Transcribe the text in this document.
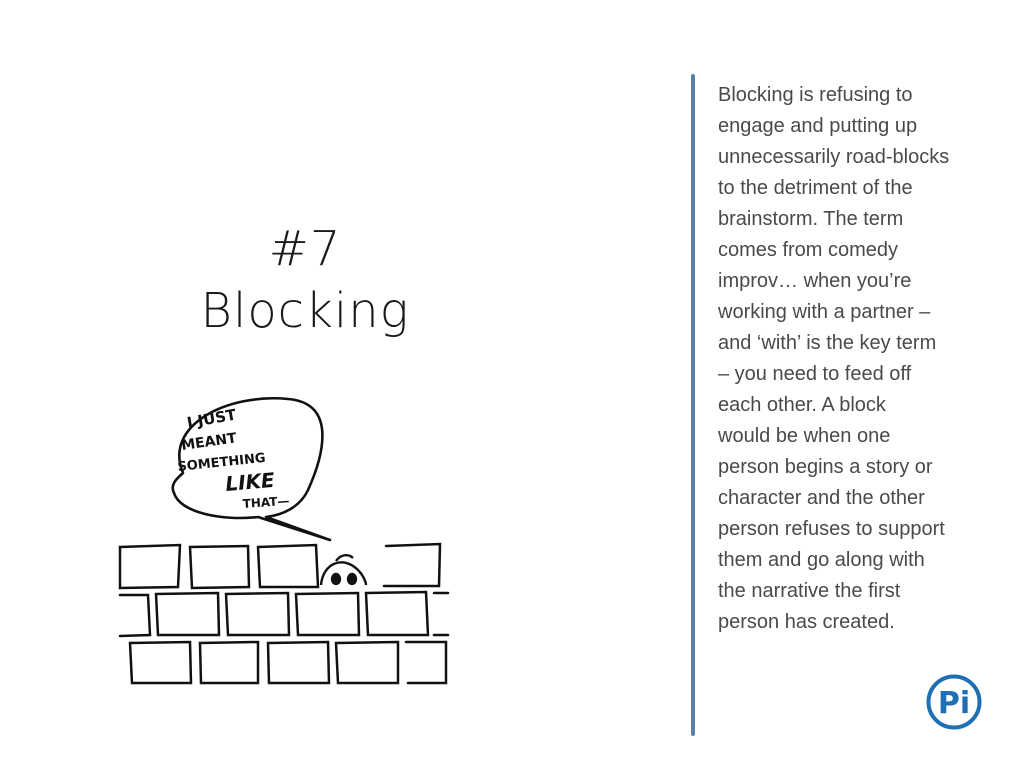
#7
Blocking
I JUST
MEANT
SOMETHING
LIKE
THAT—
Blocking is refusing to
engage and putting up
unnecessarily road-blocks
to the detriment of the
brainstorm. The term
comes from comedy
improv… when you’re
working with a partner –
and ‘with’ is the key term
– you need to feed off
each other. A block
would be when one
person begins a story or
character and the other
person refuses to support
them and go along with
the narrative the first
person has created.
Pi
